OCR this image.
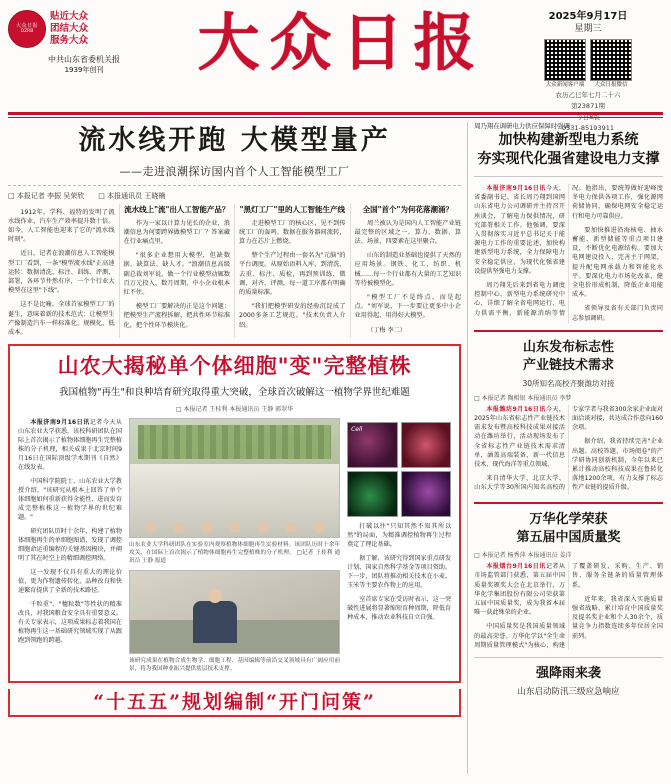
大众日报
DZRB
贴近大众
团结大众
服务大众
中共山东省委机关报
1939年创刊	大众日报	2025年9月17日
星期三
大众新闻客户端	大众日报微信
农历乙巳年七月二十六
第23871期
今日8版
0531-85193911
流水线开跑 大模型量产
——走进浪潮探访国内首个人工智能模型工厂
□ 本报记者 李振 吴荣欣 □ 本报通讯员 王晓楠

1912年，学科、福特的发明了流水线作业，汽车生产效率提升数十倍。如今，人工智能也迎来了它的"流水线时刻"。

近日，记者在浪潮信息人工智能模型工厂看到，一条"模型流水线"正高速运转：数据清洗、标注、训练、评测、部署，各环节井然有序，一个个行业大模型在这里"下线"。

这不是比喻。全球首家模型工厂的诞生，意味着新的技术范式：让模型生产像制造汽车一样标准化、规模化、低成本。

流水线上"流"出人工智能产品？

作为一家以计算力见长的企业，浪潮信息为何要跨界做模型工厂？答案藏在行业痛点里。

"很多企业想用大模型，但缺数据、缺算法、缺人才。"浪潮信息高级副总裁刘军说，做一个行业模型动辄数百万元投入、数月周期，中小企业根本扛不住。

模型工厂要解决的正是这个问题：把模型生产流程拆解，把共性环节标准化，把个性环节模块化。

"黑灯工厂"里的人工智能生产线

走进模型工厂的核心区，见不到传统工厂的轰鸣。数据在服务器间流转，算力在芯片上燃烧。

整个生产过程由一套名为"元脑"的平台调度。从原始语料入库，到清洗、去重、标注、质检，再到预训练、微调、对齐、评测，每一道工序都有明确的质量标准。

"我们把模型研发的经验沉淀成了2000多条工艺规范。"技术负责人介绍。

全国"首个"为何花落潮涌？

周兰被认为是国内人工智能产业链最完整的区域之一。算力、数据、算法、场景，四要素在这里聚合。

山东的制造业基础也提供了天然的应用场景。钢铁、化工、纺织、机械……每一个行业都有大量的工艺知识等待被模型化。

"模型工厂不是终点，而是起点。"刘军说，下一步要让更多中小企业用得起、用得好大模型。

（丁梅 李二）

山农大揭秘单个体细胞"变"完整植株
我国植物"再生"和良种培育研究取得重大突破，全球首次破解这一植物学界世纪难题
□ 本报记者 王桂利 本报通讯员 王静 郭翠华

本报济南9月16日讯记者今天从山东农业大学获悉，该校科研团队在国际上首次揭示了植物体细胞再生完整植株的分子机理，相关成果于北京时间9月16日在国际顶级学术期刊《自然》在线发表。

中国科学院院士、山东农业大学教授介绍，"该研究从根本上回答了单个体细胞如何重新获得全能性、进而发育成完整植株这一植物学界的世纪难题。"

研究团队历时十余年，构建了植物体细胞再生的单细胞图谱，发现了调控细胞命运重编程的关键基因模块，并阐明了其在时空上的精细调控网络。

这一发现不仅具有重大的理论价值，更为作物遗传转化、品种改良和快速繁育提供了全新的技术路径。

千粒重"、"穗粒数"等性状的精准改良，对我国粮食安全具有重要意义。有关专家表示，这项成果标志着我国在植物再生这一基础研究领域实现了从跟跑到领跑的跨越。

山东农业大学科研团队在实验室内观察植物体细胞再生实验材料。该团队历时十余年攻关，在国际上首次揭示了植物体细胞再生完整植株的分子机理。 □记者 王桂利 通讯员 王静 报道
该研究成果在植物合成生物学、细胞工程、基因编辑等前沿交叉领域具有广阔应用前景，将为我国种业振兴提供底层技术支撑。
Cell

打破以往"只知其然不知其所以然"的局面，为精准调控植物再生过程奠定了理论基础。

据了解，该研究得到国家重点研发计划、国家自然科学基金等项目资助。下一步，团队将推动相关技术在小麦、玉米等主要农作物上的应用。

室首席专家在受访时表示，这一突破性进展将显著缩短育种周期，降低育种成本，推动农业科技自立自强。

“十五五”规划编制“开门问策”
周乃翔在调研电力供应保障时强调
加快构建新型电力系统
夯实现代化强省建设电力支撑

本报济南9月16日讯今天，省委副书记、省长周乃翔到国网山东省电力公司调研并主持召开座谈会，了解电力保供情况，研究部署相关工作。他强调，要深入贯彻落实习近平总书记关于能源电力工作的重要论述，加快构建新型电力系统，全力保障电力安全稳定供应，为现代化强省建设提供坚强电力支撑。

周乃翔先后来到省电力调度控制中心、新型电力系统研究中心，详细了解全省电网运行、电力供需平衡、新能源消纳等情况。他指出，要统筹做好迎峰度冬电力保供各项工作，强化源网荷储协同，确保电网安全稳定运行和电力可靠供应。

要加快推进沿海核电、抽水蓄能、新型储能等重点项目建设，不断优化电源结构。要加大电网建设投入，完善主干网架，提升配电网承载力和智能化水平。要深化电力市场化改革，健全电价形成机制，降低企业用能成本。

省领导及省有关部门负责同志参加调研。

山东发布标志性
产业链技术需求
30所知名高校齐聚潍坊对接
□ 本报记者 陶相银 本报通讯员 李梦

本报潍坊9月16日讯今天，2025年山东省标志性产业链技术需求发布暨高校科技成果对接活动在潍坊举行，活动现场发布了全省标志性产业链技术需求清单，涵盖高端装备、新一代信息技术、现代海洋等重点领域。

来自清华大学、北京大学、山东大学等30所国内知名高校的专家学者与我省300余家企业面对面洽谈对接，共达成合作意向160余项。

据介绍，我省持续完善"企业出题、高校答题、市场阅卷"的产学研协同创新机制，今年以来已累计推动高校科技成果在鲁转化落地1200余项，有力支撑了标志性产业链的提质升级。

万华化学荣获
第五届中国质量奖
□ 本报记者 杨秀萍 本报通讯员 姜洋

本报烟台9月16日讯记者从市场监管部门获悉，第五届中国质量奖颁奖大会在北京举行，万华化学集团股份有限公司荣获第五届中国质量奖，成为我省本届唯一获此殊荣的企业。

中国质量奖是我国质量领域的最高荣誉。万华化学以"全生命周期质量管理模式"为核心，构建了覆盖研发、采购、生产、销售、服务全链条的质量管理体系。

近年来，我省深入实施质量强省战略，累计培育中国质量奖及提名奖企业和个人30余个，质量竞争力指数连续多年位居全国前列。

强降雨来袭
山东启动防汛三级应急响应
